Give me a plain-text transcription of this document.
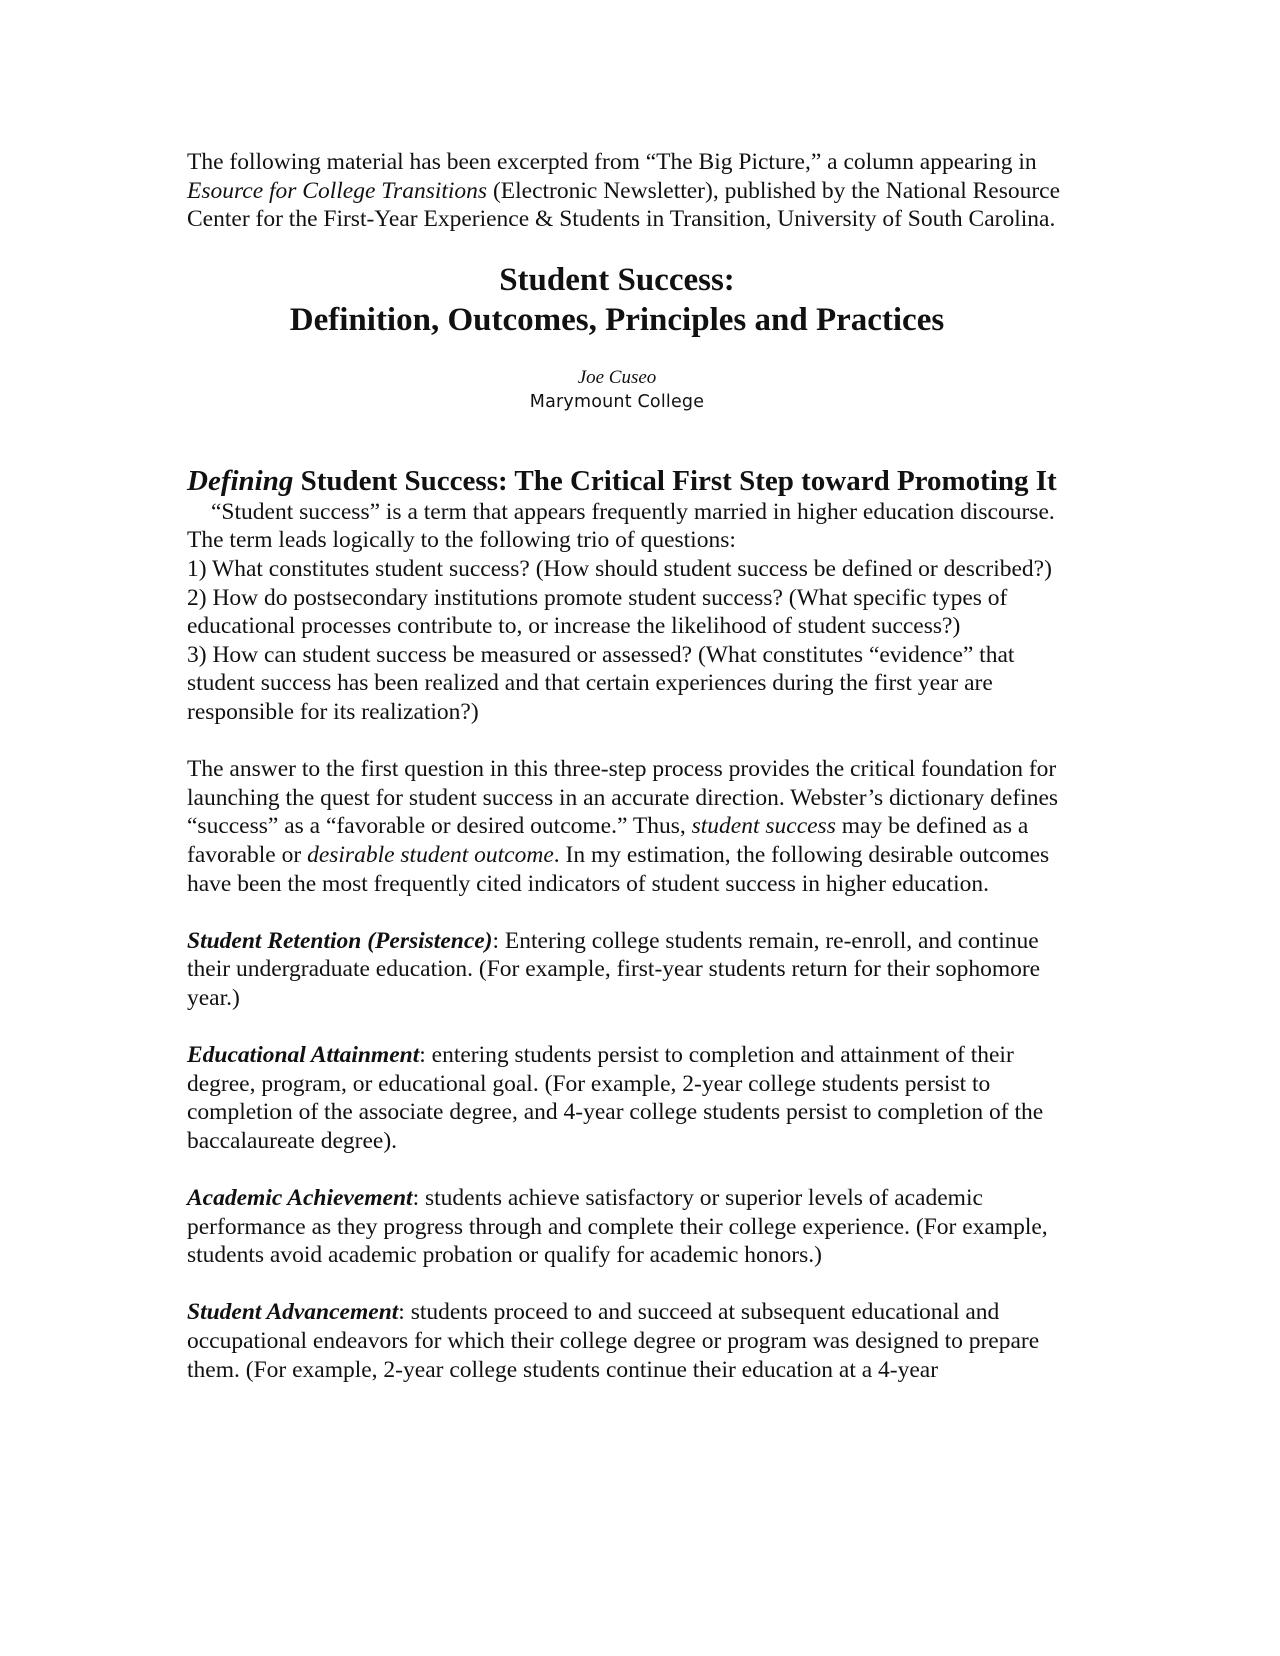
The following material has been excerpted from “The Big Picture,” a column appearing in Esource for College Transitions (Electronic Newsletter), published by the National Resource Center for the First-Year Experience & Students in Transition, University of South Carolina.

Student Success:
Definition, Outcomes, Principles and Practices
Joe Cuseo
Marymount College
Defining Student Success: The Critical First Step toward Promoting It

“Student success” is a term that appears frequently married in higher education discourse. The term leads logically to the following trio of questions:

1) What constitutes student success? (How should student success be defined or described?)

2) How do postsecondary institutions promote student success? (What specific types of educational processes contribute to, or increase the likelihood of student success?)

3) How can student success be measured or assessed? (What constitutes “evidence” that student success has been realized and that certain experiences during the first year are responsible for its realization?)

The answer to the first question in this three-step process provides the critical foundation for launching the quest for student success in an accurate direction. Webster’s dictionary defines “success” as a “favorable or desired outcome.” Thus, student success may be defined as a favorable or desirable student outcome. In my estimation, the following desirable outcomes have been the most frequently cited indicators of student success in higher education.

Student Retention (Persistence): Entering college students remain, re-enroll, and continue their undergraduate education. (For example, first-year students return for their sophomore year.)

Educational Attainment: entering students persist to completion and attainment of their degree, program, or educational goal. (For example, 2-year college students persist to completion of the associate degree, and 4-year college students persist to completion of the baccalaureate degree).

Academic Achievement: students achieve satisfactory or superior levels of academic performance as they progress through and complete their college experience. (For example, students avoid academic probation or qualify for academic honors.)

Student Advancement: students proceed to and succeed at subsequent educational and occupational endeavors for which their college degree or program was designed to prepare them. (For example, 2-year college students continue their education at a 4-year
